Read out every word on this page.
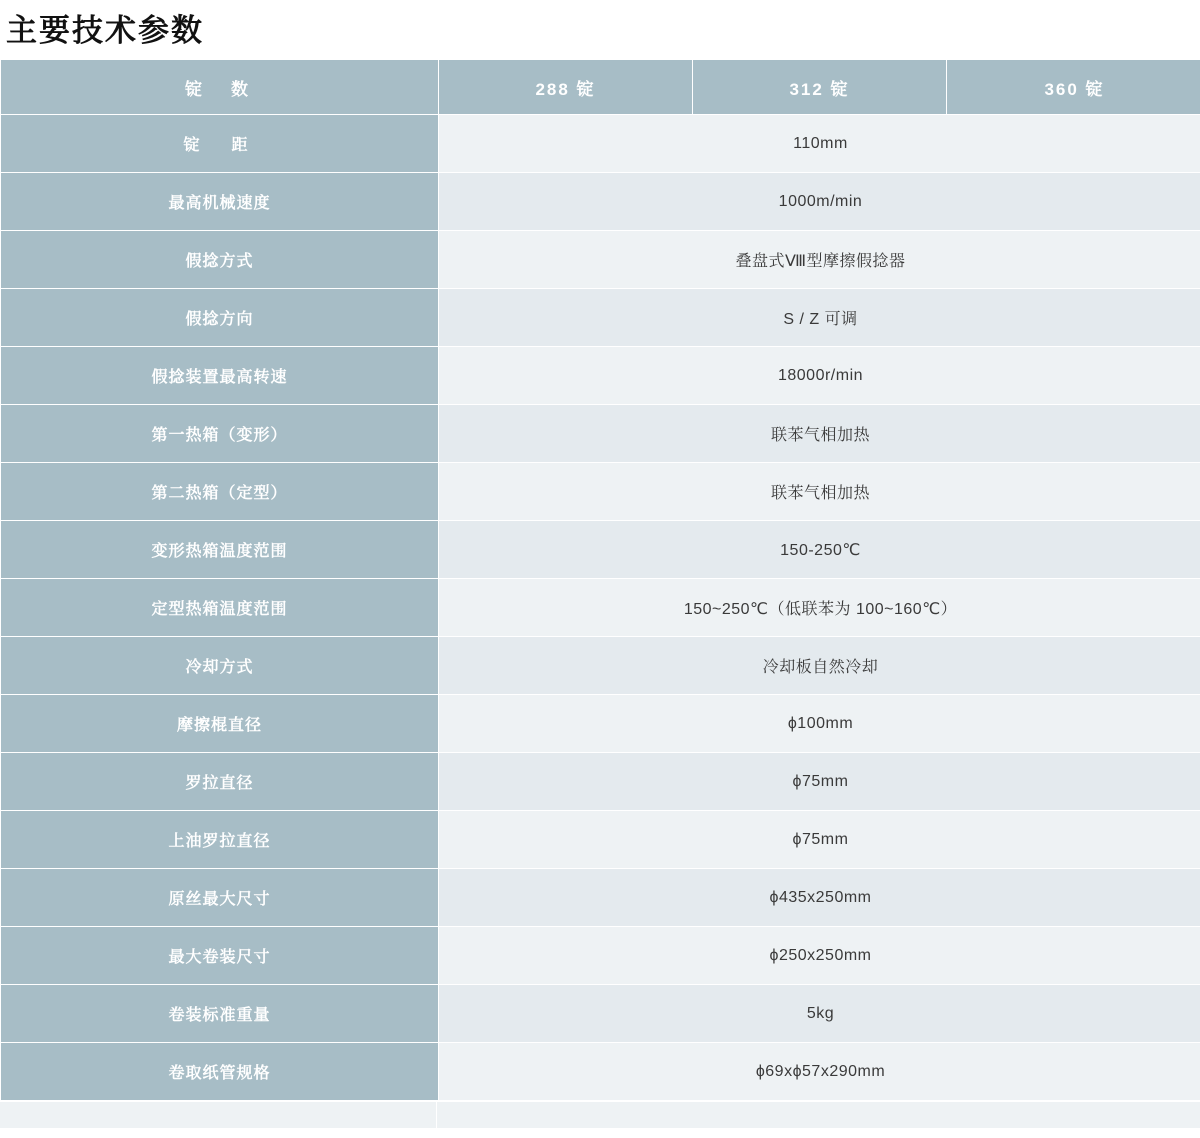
主要技术参数
锭　数	288 锭	312 锭	360 锭
锭　距	110mm		
最高机械速度	1000m/min		
假捻方式	叠盘式Ⅷ型摩擦假捻器		
假捻方向	S / Z 可调		
假捻装置最高转速	18000r/min		
第一热箱（变形）	联苯气相加热		
第二热箱（定型）	联苯气相加热		
变形热箱温度范围	150-250℃		
定型热箱温度范围	150~250℃（低联苯为 100~160℃）		
冷却方式	冷却板自然冷却		
摩擦棍直径	ϕ100mm		
罗拉直径	ϕ75mm		
上油罗拉直径	ϕ75mm		
原丝最大尺寸	ϕ435x250mm		
最大卷装尺寸	ϕ250x250mm		
卷装标准重量	5kg		
卷取纸管规格	ϕ69xϕ57x290mm		
